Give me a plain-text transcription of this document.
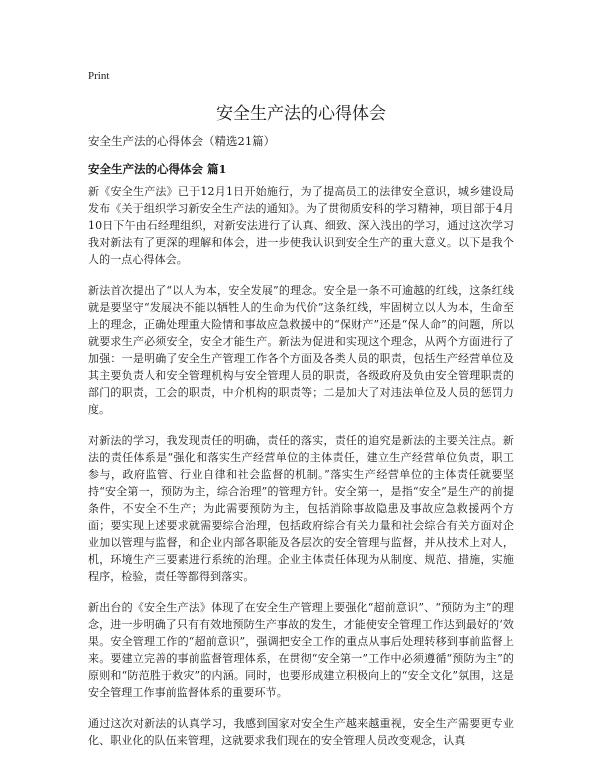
Print
安全生产法的心得体会

安全生产法的心得体会（精选21篇）

安全生产法的心得体会 篇1

新《安全生产法》已于12月1日开始施行，为了提高员工的法律安全意识，城乡建设局发布《关于组织学习新安全生产法的通知》。为了贯彻质安科的学习精神，项目部于4月10日下午由石经理组织，对新安法进行了认真、细致、深入浅出的学习，通过这次学习我对新法有了更深的理解和体会，进一步使我认识到安全生产的重大意义。以下是我个人的一点心得体会。

新法首次提出了“以人为本，安全发展”的理念。安全是一条不可逾越的红线，这条红线就是要坚守“发展决不能以牺牲人的生命为代价”这条红线，牢固树立以人为本，生命至上的理念，正确处理重大险情和事故应急救援中的“保财产”还是“保人命”的问题，所以就要求生产必须安全，安全才能生产。新法为促进和实现这个理念，从两个方面进行了加强：一是明确了安全生产管理工作各个方面及各类人员的职责，包括生产经营单位及其主要负责人和安全管理机构与安全管理人员的职责，各级政府及负由安全管理职责的部门的职责，工会的职责，中介机构的职责等；二是加大了对违法单位及人员的惩罚力度。

对新法的学习，我发现责任的明确，责任的落实，责任的追究是新法的主要关注点。新法的责任体系是“强化和落实生产经营单位的主体责任，建立生产经营单位负责，职工参与，政府监管、行业自律和社会监督的机制。”落实生产经营单位的主体责任就要坚持“安全第一，预防为主，综合治理”的管理方针。安全第一，是指“安全”是生产的前提条件，不安全不生产；为此需要预防为主，包括消除事故隐患及事故应急救援两个方面；要实现上述要求就需要综合治理，包括政府综合有关力量和社会综合有关方面对企业加以管理与监督，和企业内部各职能及各层次的安全管理与监督，并从技术上对人，机，环境生产三要素进行系统的治理。企业主体责任体现为从制度、规范、措施，实施程序，检验，责任等都得到落实。

新出台的《安全生产法》体现了在安全生产管理上要强化“超前意识”、“预防为主”的理念，进一步明确了只有有效地预防生产事故的发生，才能使安全管理工作达到最好的‘效果。安全管理工作的“超前意识”，强调把安全工作的重点从事后处理转移到事前监督上来。要建立完善的事前监督管理体系，在贯彻“安全第一”工作中必须遵循“预防为主”的原则和“防范胜于救灾”的内涵。同时，也要形成建立积极向上的“安全文化”氛围，这是安全管理工作事前监督体系的重要环节。

通过这次对新法的认真学习，我感到国家对安全生产越来越重视，安全生产需要更专业化、职业化的队伍来管理，这就要求我们现在的安全管理人员改变观念，认真
